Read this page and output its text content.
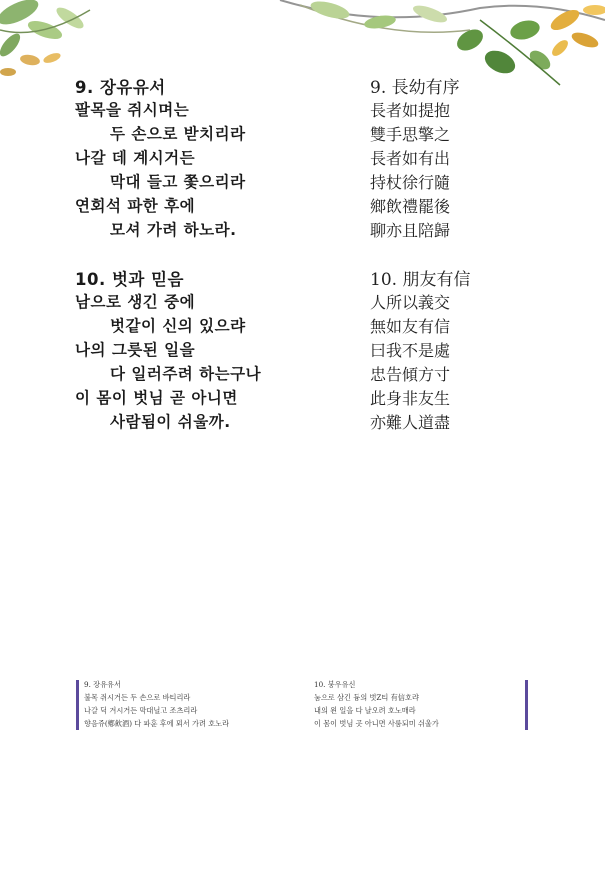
9. 장유유서
팔목을 쥐시며는
두 손으로 받치리라
나갈 데 계시거든
막대 들고 쫓으리라
연회석 파한 후에
모셔 가려 하노라.
9. 長幼有序
長者如提抱
雙手思擎之
長者如有出
持杖徐行隨
鄉飲禮罷後
聊亦且陪歸
10. 벗과 믿음
남으로 생긴 중에
벗같이 신의 있으랴
나의 그릇된 일을
다 일러주려 하는구나
이 몸이 벗님 곧 아니면
사람됨이 쉬울까.
10. 朋友有信
人所以義交
無如友有信
曰我不是處
忠告傾方寸
此身非友生
亦難人道盡
9. 장유유서
불목 쥐시거든 두 손으로 바티리라
나갈 딕 겨시거든 막대닐고 조츠리라
향음쥬(鄕飮酒) 다 파훈 후에 뫼서 가려 호노라
10. 붕우유신
눔으로 삼긴 듕의 벗Ζ티 有信호랴
내의 왼 일을 다 날오려 호노매라
이 몸이 벗님 곳 아니면 사룸되미 쉬울가
